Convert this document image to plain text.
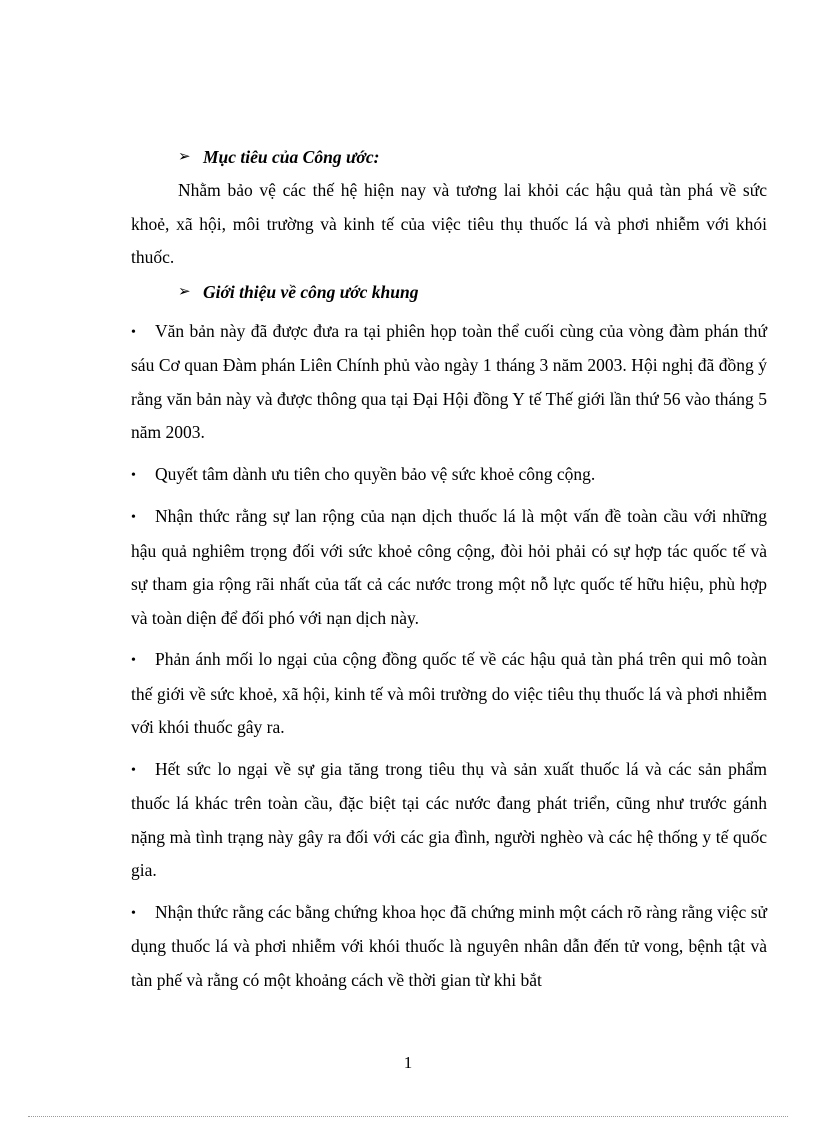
➢ Mục tiêu của Công ước:

Nhằm bảo vệ các thế hệ hiện nay và tương lai khỏi các hậu quả tàn phá về sức khoẻ, xã hội, môi trường và kinh tế của việc tiêu thụ thuốc lá và phơi nhiễm với khói thuốc.

➢ Giới thiệu về công ước khung

• Văn bản này đã được đưa ra tại phiên họp toàn thể cuối cùng của vòng đàm phán thứ sáu Cơ quan Đàm phán Liên Chính phủ vào ngày 1 tháng 3 năm 2003. Hội nghị đã đồng ý rằng văn bản này và được thông qua tại Đại Hội đồng Y tế Thế giới lần thứ 56 vào tháng 5 năm 2003.

• Quyết tâm dành ưu tiên cho quyền bảo vệ sức khoẻ công cộng.

• Nhận thức rằng sự lan rộng của nạn dịch thuốc lá là một vấn đề toàn cầu với những hậu quả nghiêm trọng đối với sức khoẻ công cộng, đòi hỏi phải có sự hợp tác quốc tế và sự tham gia rộng rãi nhất của tất cả các nước trong một nỗ lực quốc tế hữu hiệu, phù hợp và toàn diện để đối phó với nạn dịch này.

• Phản ánh mối lo ngại của cộng đồng quốc tế về các hậu quả tàn phá trên qui mô toàn thế giới về sức khoẻ, xã hội, kinh tế và môi trường do việc tiêu thụ thuốc lá và phơi nhiễm với khói thuốc gây ra.

• Hết sức lo ngại về sự gia tăng trong tiêu thụ và sản xuất thuốc lá và các sản phẩm thuốc lá khác trên toàn cầu, đặc biệt tại các nước đang phát triển, cũng như trước gánh nặng mà tình trạng này gây ra đối với các gia đình, người nghèo và các hệ thống y tế quốc gia.

• Nhận thức rằng các bằng chứng khoa học đã chứng minh một cách rõ ràng rằng việc sử dụng thuốc lá và phơi nhiễm với khói thuốc là nguyên nhân dẫn đến tử vong, bệnh tật và tàn phế và rằng có một khoảng cách về thời gian từ khi bắt

1
